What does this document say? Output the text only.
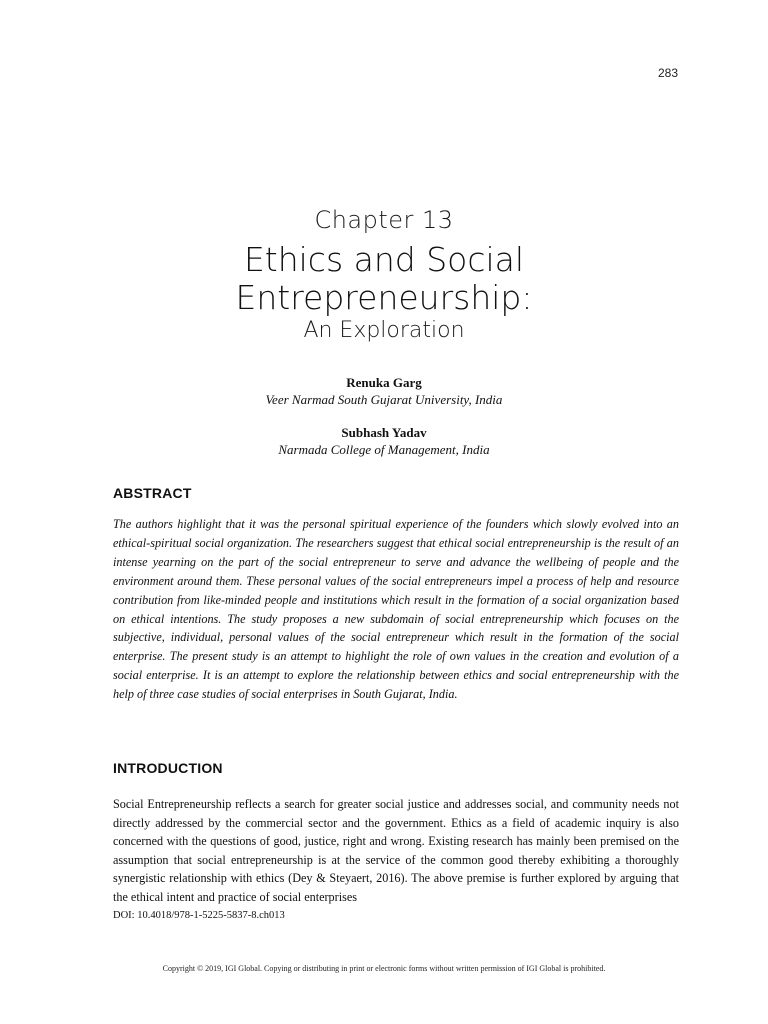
283
Chapter 13
Ethics and Social
Entrepreneurship:
An Exploration
Renuka Garg
Veer Narmad South Gujarat University, India
Subhash Yadav
Narmada College of Management, India
ABSTRACT

The authors highlight that it was the personal spiritual experience of the founders which slowly evolved into an ethical-spiritual social organization. The researchers suggest that ethical social entrepreneurship is the result of an intense yearning on the part of the social entrepreneur to serve and advance the wellbeing of people and the environment around them. These personal values of the social entrepreneurs impel a process of help and resource contribution from like-minded people and institutions which result in the formation of a social organization based on ethical intentions. The study proposes a new subdomain of social entrepreneurship which focuses on the subjective, individual, personal values of the social entrepreneur which result in the formation of the social enterprise. The present study is an attempt to highlight the role of own values in the creation and evolution of a social enterprise. It is an attempt to explore the relationship between ethics and social entrepreneurship with the help of three case studies of social enterprises in South Gujarat, India.

INTRODUCTION

Social Entrepreneurship reflects a search for greater social justice and addresses social, and community needs not directly addressed by the commercial sector and the government. Ethics as a field of academic inquiry is also concerned with the questions of good, justice, right and wrong. Existing research has mainly been premised on the assumption that social entrepreneurship is at the service of the common good thereby exhibiting a thoroughly synergistic relationship with ethics (Dey & Steyaert, 2016). The above premise is further explored by arguing that the ethical intent and practice of social enterprises

DOI: 10.4018/978-1-5225-5837-8.ch013
Copyright © 2019, IGI Global. Copying or distributing in print or electronic forms without written permission of IGI Global is prohibited.
